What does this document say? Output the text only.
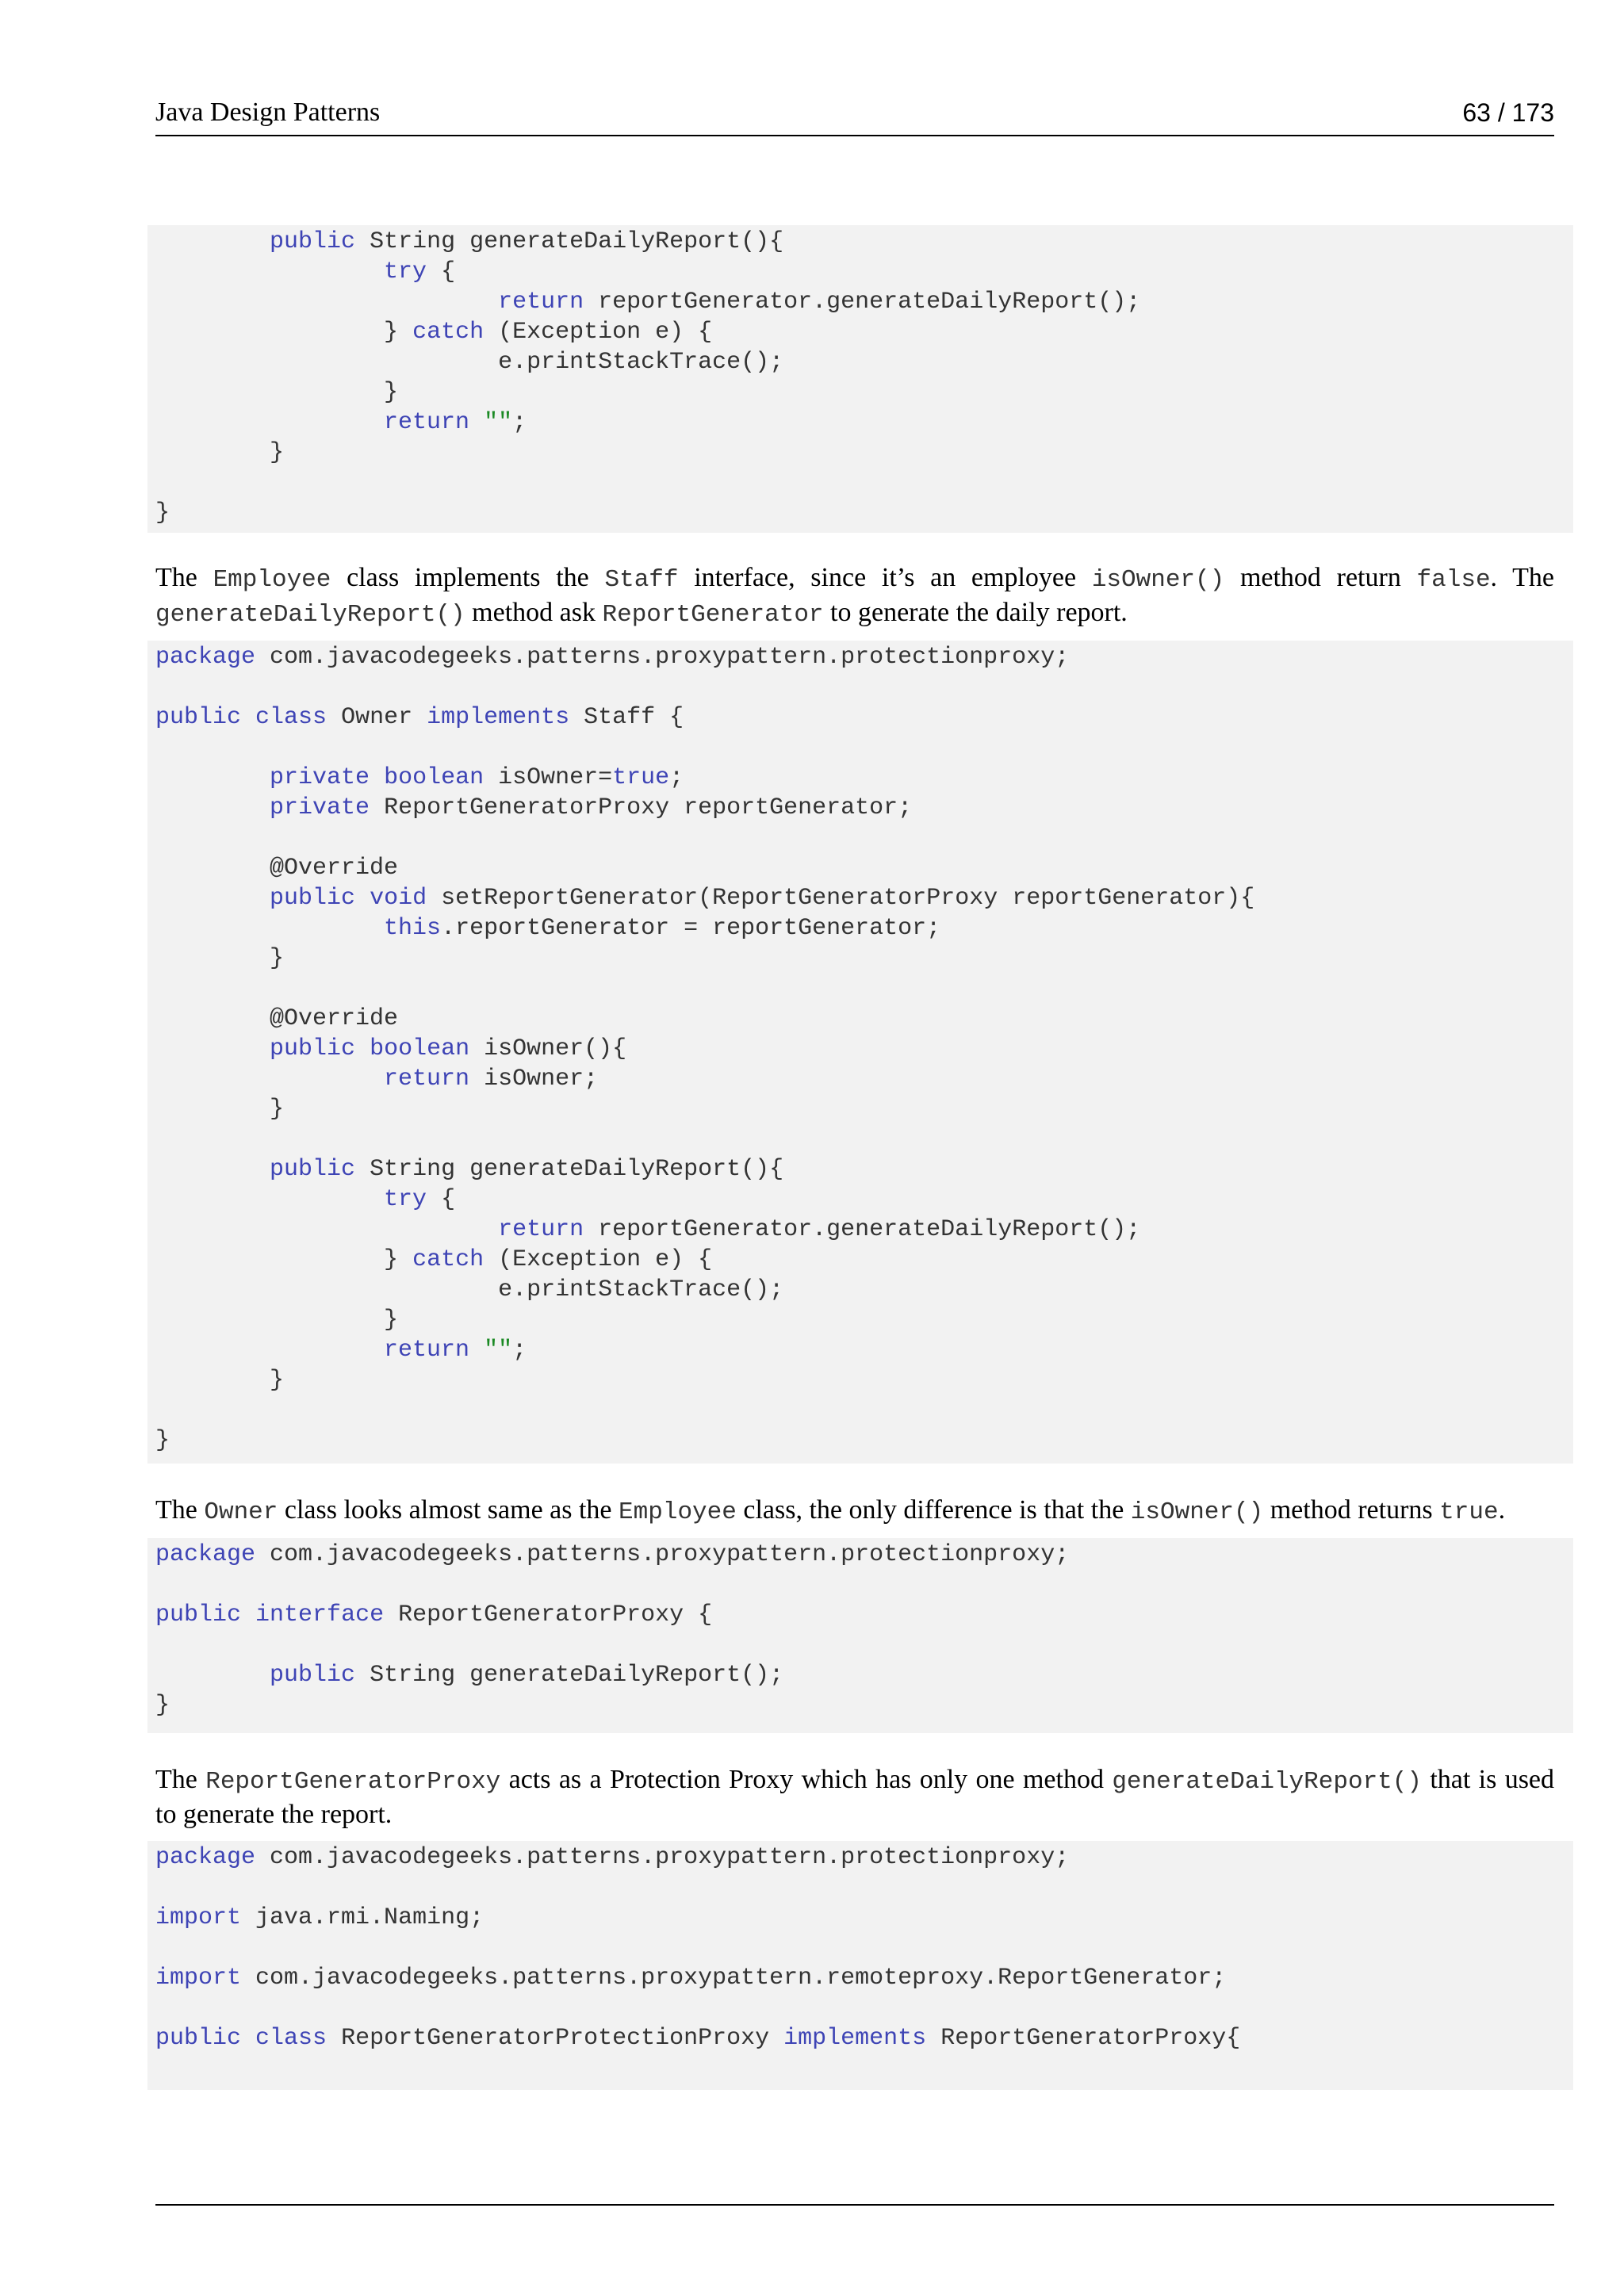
Java Design Patterns	63 / 173
public String generateDailyReport(){
try {
return reportGenerator.generateDailyReport();
} catch (Exception e) {
e.printStackTrace();
}
return "";
}
}

The Employee class implements the Staff interface, since it’s an employee isOwner() method return false. The generateDailyReport() method ask ReportGenerator to generate the daily report.

package com.javacodegeeks.patterns.proxypattern.protectionproxy;
public class Owner implements Staff {
private boolean isOwner=true;
private ReportGeneratorProxy reportGenerator;
@Override
public void setReportGenerator(ReportGeneratorProxy reportGenerator){
this.reportGenerator = reportGenerator;
}
@Override
public boolean isOwner(){
return isOwner;
}
public String generateDailyReport(){
try {
return reportGenerator.generateDailyReport();
} catch (Exception e) {
e.printStackTrace();
}
return "";
}
}

The Owner class looks almost same as the Employee class, the only difference is that the isOwner() method returns true.

package com.javacodegeeks.patterns.proxypattern.protectionproxy;
public interface ReportGeneratorProxy {
public String generateDailyReport();
}

The ReportGeneratorProxy acts as a Protection Proxy which has only one method generateDailyReport() that is used to generate the report.

package com.javacodegeeks.patterns.proxypattern.protectionproxy;
import java.rmi.Naming;
import com.javacodegeeks.patterns.proxypattern.remoteproxy.ReportGenerator;
public class ReportGeneratorProtectionProxy implements ReportGeneratorProxy{
